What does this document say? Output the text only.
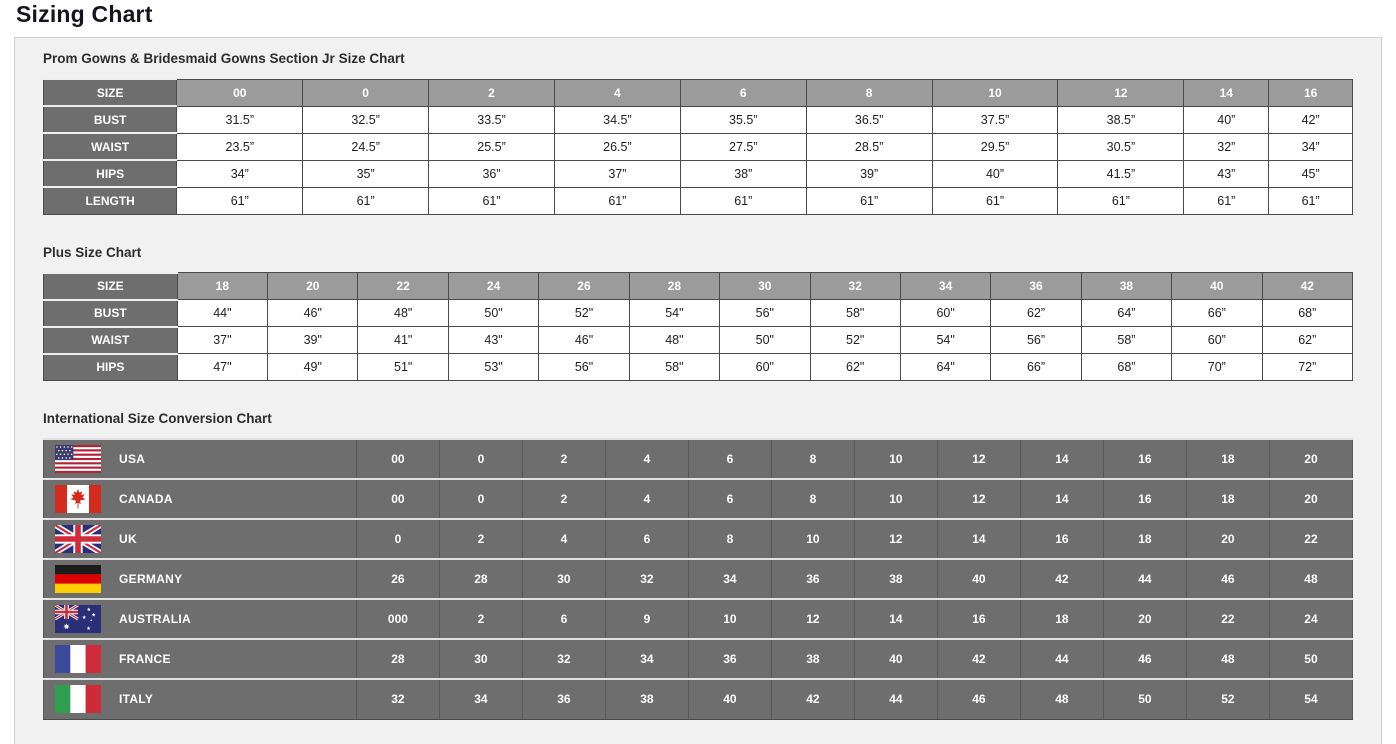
Sizing Chart
Prom Gowns & Bridesmaid Gowns Section Jr Size Chart
SIZE	00	0	2	4	6	8	10	12	14	16
BUST	31.5”	32.5”	33.5”	34.5”	35.5”	36.5”	37.5”	38.5”	40”	42”
WAIST	23.5”	24.5”	25.5”	26.5”	27.5”	28.5”	29.5”	30.5”	32”	34”
HIPS	34”	35”	36”	37”	38”	39”	40”	41.5”	43”	45”
LENGTH	61”	61”	61”	61”	61”	61”	61”	61”	61”	61”
Plus Size Chart
SIZE	18	20	22	24	26	28	30	32	34	36	38	40	42
BUST	44"	46"	48"	50"	52"	54"	56"	58"	60"	62”	64”	66”	68”
WAIST	37"	39"	41"	43"	46"	48"	50"	52"	54"	56”	58”	60”	62”
HIPS	47"	49"	51"	53"	56"	58"	60"	62"	64"	66”	68”	70”	72”
International Size Conversion Chart
USA	00	0	2	4	6	8	10	12	14	16	18	20

CANADA	00	0	2	4	6	8	10	12	14	16	18	20

UK	0	2	4	6	8	10	12	14	16	18	20	22

GERMANY	26	28	30	32	34	36	38	40	42	44	46	48

AUSTRALIA	000	2	6	9	10	12	14	16	18	20	22	24

FRANCE	28	30	32	34	36	38	40	42	44	46	48	50

ITALY	32	34	36	38	40	42	44	46	48	50	52	54
